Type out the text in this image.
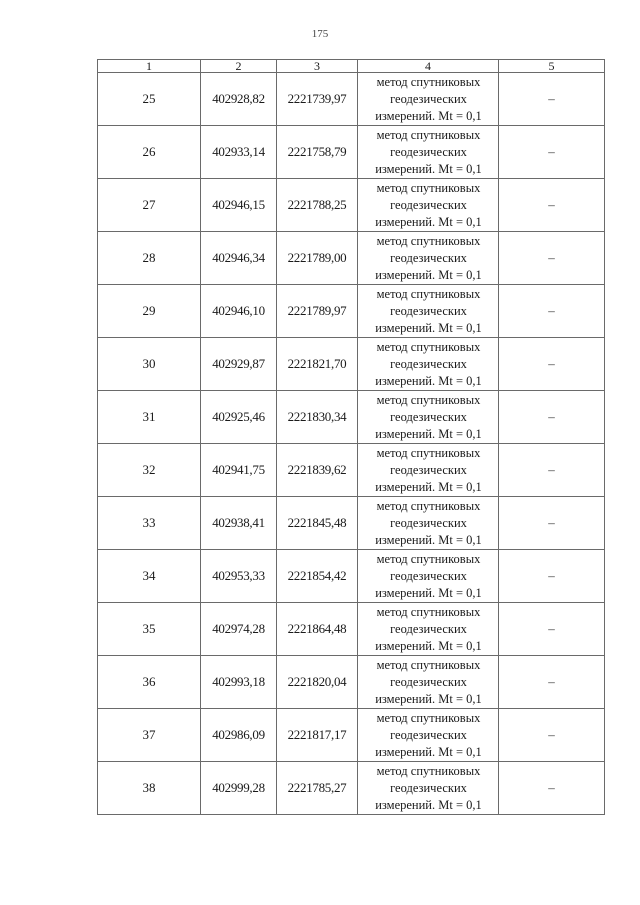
175
1	2	3	4	5
25	402928,82	2221739,97	метод спутниковых
геодезических
измерений. Mt = 0,1	–
26	402933,14	2221758,79	метод спутниковых
геодезических
измерений. Mt = 0,1	–
27	402946,15	2221788,25	метод спутниковых
геодезических
измерений. Mt = 0,1	–
28	402946,34	2221789,00	метод спутниковых
геодезических
измерений. Mt = 0,1	–
29	402946,10	2221789,97	метод спутниковых
геодезических
измерений. Mt = 0,1	–
30	402929,87	2221821,70	метод спутниковых
геодезических
измерений. Mt = 0,1	–
31	402925,46	2221830,34	метод спутниковых
геодезических
измерений. Mt = 0,1	–
32	402941,75	2221839,62	метод спутниковых
геодезических
измерений. Mt = 0,1	–
33	402938,41	2221845,48	метод спутниковых
геодезических
измерений. Mt = 0,1	–
34	402953,33	2221854,42	метод спутниковых
геодезических
измерений. Mt = 0,1	–
35	402974,28	2221864,48	метод спутниковых
геодезических
измерений. Mt = 0,1	–
36	402993,18	2221820,04	метод спутниковых
геодезических
измерений. Mt = 0,1	–
37	402986,09	2221817,17	метод спутниковых
геодезических
измерений. Mt = 0,1	–
38	402999,28	2221785,27	метод спутниковых
геодезических
измерений. Mt = 0,1	–
